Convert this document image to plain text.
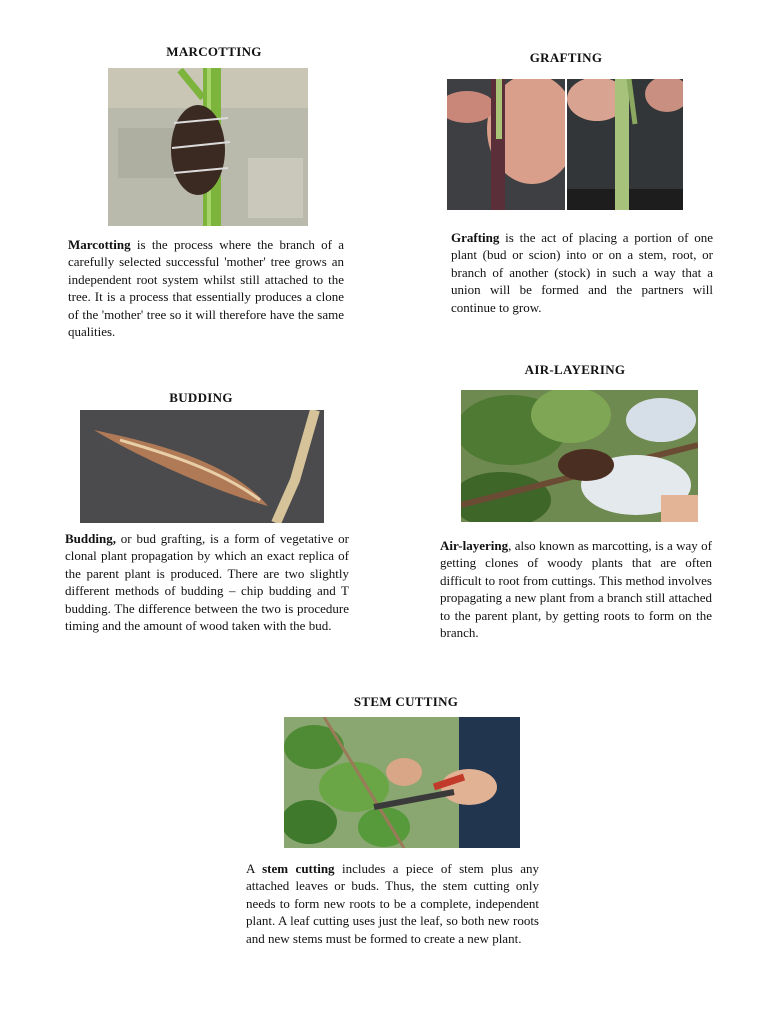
MARCOTTING

Marcotting is the process where the branch of a carefully selected successful 'mother' tree grows an independent root system whilst still attached to the tree. It is a process that essentially produces a clone of the 'mother' tree so it will therefore have the same qualities.

GRAFTING

Grafting is the act of placing a portion of one plant (bud or scion) into or on a stem, root, or branch of another (stock) in such a way that a union will be formed and the partners will continue to grow.

BUDDING

Budding, or bud grafting, is a form of vegetative or clonal plant propagation by which an exact replica of the parent plant is produced. There are two slightly different methods of budding – chip budding and T budding. The difference between the two is procedure timing and the amount of wood taken with the bud.

AIR-LAYERING

Air-layering, also known as marcotting, is a way of getting clones of woody plants that are often difficult to root from cuttings. This method involves propagating a new plant from a branch still attached to the parent plant, by getting roots to form on the branch.

STEM CUTTING

A stem cutting includes a piece of stem plus any attached leaves or buds. Thus, the stem cutting only needs to form new roots to be a complete, independent plant. A leaf cutting uses just the leaf, so both new roots and new stems must be formed to create a new plant.
